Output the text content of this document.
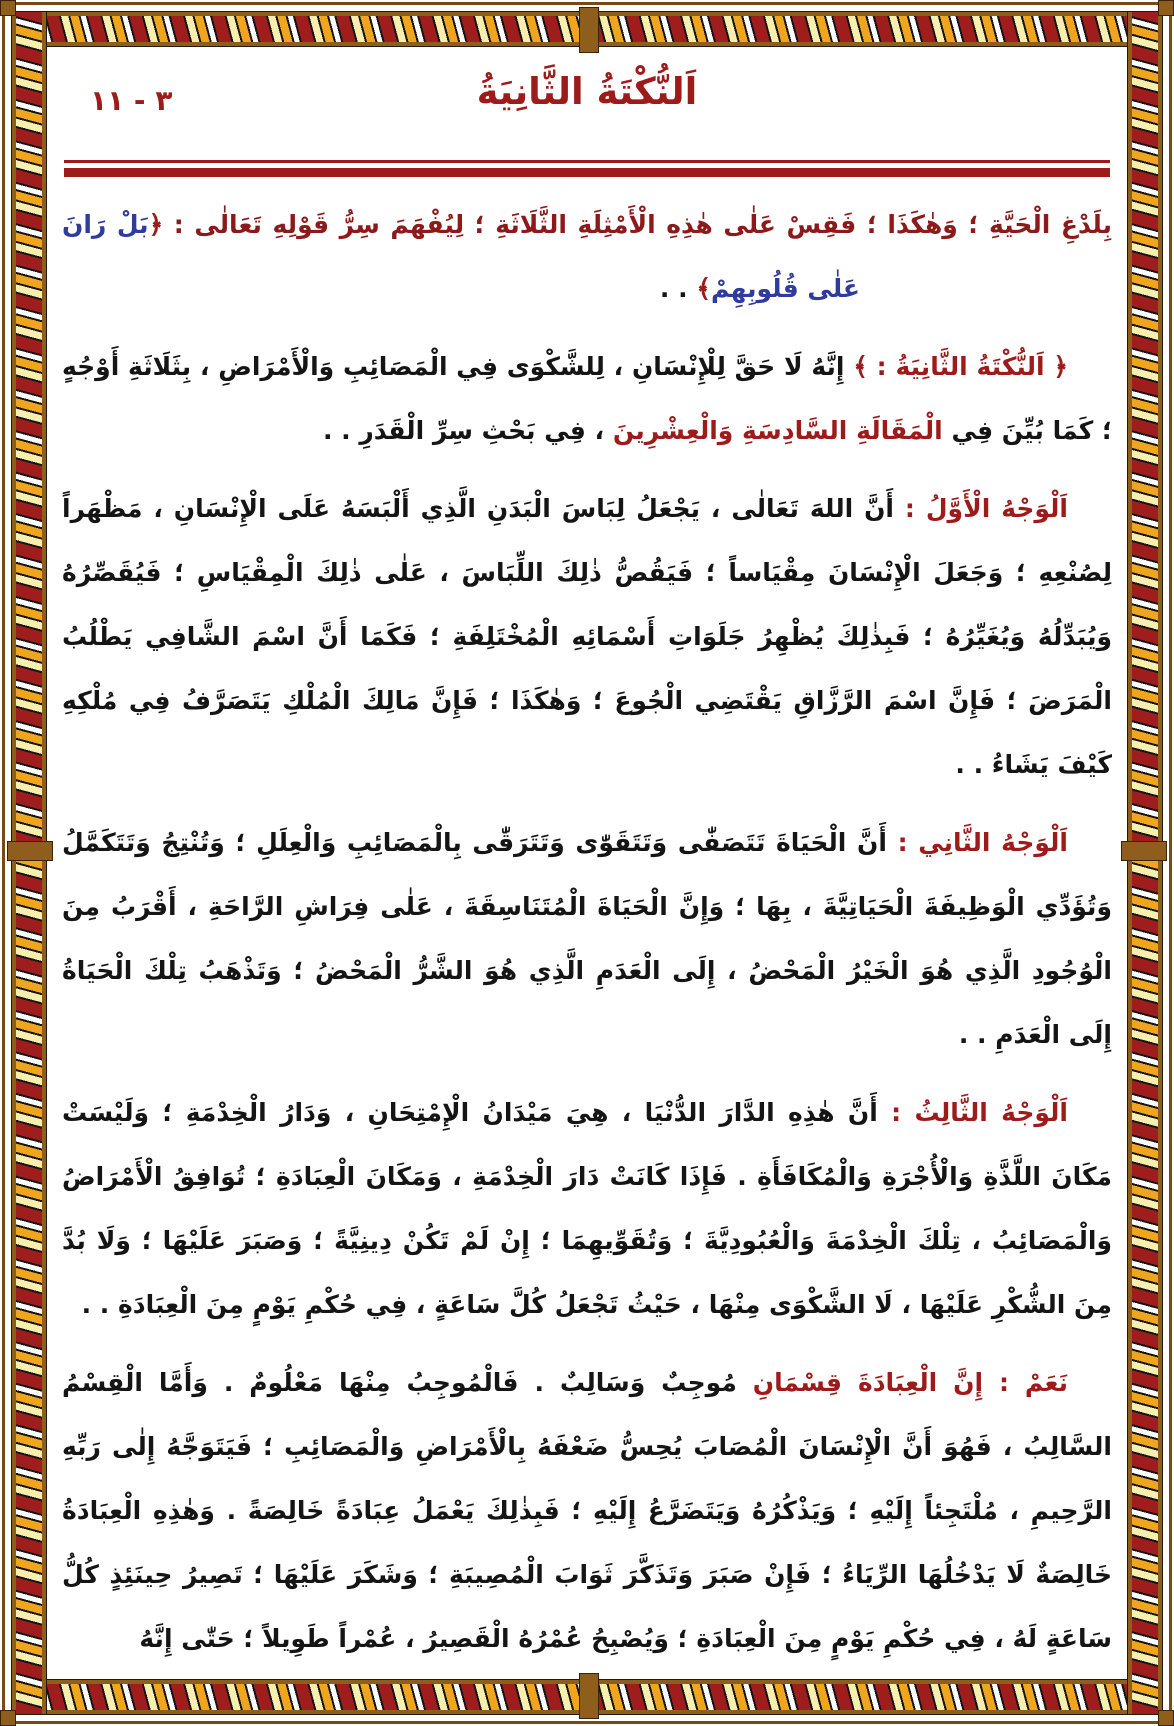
٣ - ١١	اَلنُّكْتَةُ الثَّانِيَةُ
بِلَدْغِ الْحَيَّةِ ؛ وَهٰكَذَا ؛ فَقِسْ عَلٰى هٰذِهِ الْأَمْثِلَةِ الثَّلَاثَةِ ؛ لِيُفْهَمَ سِرُّ قَوْلِهِ تَعَالٰى : ﴿بَلْ رَانَ
عَلٰى قُلُوبِهِمْ﴾ . .

﴿ اَلنُّكْتَةُ الثَّانِيَةُ : ﴾ إِنَّهُ لَا حَقَّ لِلْإِنْسَانِ ، لِلشَّكْوَى فِي الْمَصَائِبِ وَالْأَمْرَاضِ ، بِثَلَاثَةِ أَوْجُهٍ ؛ كَمَا بُيِّنَ فِي الْمَقَالَةِ السَّادِسَةِ وَالْعِشْرِينَ ، فِي بَحْثِ سِرِّ الْقَدَرِ . .

اَلْوَجْهُ الْأَوَّلُ : أَنَّ اللهَ تَعَالٰى ، يَجْعَلُ لِبَاسَ الْبَدَنِ الَّذِي أَلْبَسَهُ عَلَى الْإِنْسَانِ ، مَظْهَراً لِصُنْعِهِ ؛ وَجَعَلَ الْإِنْسَانَ مِقْيَاساً ؛ فَيَقُصُّ ذٰلِكَ اللِّبَاسَ ، عَلٰى ذٰلِكَ الْمِقْيَاسِ ؛ فَيُقَصِّرُهُ وَيُبَدِّلُهُ وَيُغَيِّرُهُ ؛ فَبِذٰلِكَ يُظْهِرُ جَلَوَاتِ أَسْمَائِهِ الْمُخْتَلِفَةِ ؛ فَكَمَا أَنَّ اسْمَ الشَّافِي يَطْلُبُ الْمَرَضَ ؛ فَإِنَّ اسْمَ الرَّزَّاقِ يَقْتَضِي الْجُوعَ ؛ وَهٰكَذَا ؛ فَإِنَّ مَالِكَ الْمُلْكِ يَتَصَرَّفُ فِي مُلْكِهِ كَيْفَ يَشَاءُ . .

اَلْوَجْهُ الثَّانِي : أَنَّ الْحَيَاةَ تَتَصَفّٰى وَتَتَقَوّٰى وَتَتَرَقّٰى بِالْمَصَائِبِ وَالْعِلَلِ ؛ وَتُنْتِجُ وَتَتَكَمَّلُ وَتُؤَدِّي الْوَظِيفَةَ الْحَيَاتِيَّةَ ، بِهَا ؛ وَإِنَّ الْحَيَاةَ الْمُتَنَاسِقَةَ ، عَلٰى فِرَاشِ الرَّاحَةِ ، أَقْرَبُ مِنَ الْوُجُودِ الَّذِي هُوَ الْخَيْرُ الْمَحْضُ ، إِلَى الْعَدَمِ الَّذِي هُوَ الشَّرُّ الْمَحْضُ ؛ وَتَذْهَبُ تِلْكَ الْحَيَاةُ إِلَى الْعَدَمِ . .

اَلْوَجْهُ الثَّالِثُ : أَنَّ هٰذِهِ الدَّارَ الدُّنْيَا ، هِيَ مَيْدَانُ الْإِمْتِحَانِ ، وَدَارُ الْخِدْمَةِ ؛ وَلَيْسَتْ مَكَانَ اللَّذَّةِ وَالْأُجْرَةِ وَالْمُكَافَأَةِ . فَإِذَا كَانَتْ دَارَ الْخِدْمَةِ ، وَمَكَانَ الْعِبَادَةِ ؛ تُوَافِقُ الْأَمْرَاضُ وَالْمَصَائِبُ ، تِلْكَ الْخِدْمَةَ وَالْعُبُودِيَّةَ ؛ وَتُقَوِّيهِمَا ؛ إِنْ لَمْ تَكُنْ دِينِيَّةً ؛ وَصَبَرَ عَلَيْهَا ؛ وَلَا بُدَّ مِنَ الشُّكْرِ عَلَيْهَا ، لَا الشَّكْوَى مِنْهَا ، حَيْثُ تَجْعَلُ كُلَّ سَاعَةٍ ، فِي حُكْمِ يَوْمٍ مِنَ الْعِبَادَةِ . .

نَعَمْ : إِنَّ الْعِبَادَةَ قِسْمَانِ مُوجِبٌ وَسَالِبٌ . فَالْمُوجِبُ مِنْهَا مَعْلُومٌ . وَأَمَّا الْقِسْمُ السَّالِبُ ، فَهُوَ أَنَّ الْإِنْسَانَ الْمُصَابَ يُحِسُّ ضَعْفَهُ بِالْأَمْرَاضِ وَالْمَصَائِبِ ؛ فَيَتَوَجَّهُ إِلٰى رَبِّهِ الرَّحِيمِ ، مُلْتَجِئاً إِلَيْهِ ؛ وَيَذْكُرُهُ وَيَتَضَرَّعُ إِلَيْهِ ؛ فَبِذٰلِكَ يَعْمَلُ عِبَادَةً خَالِصَةً . وَهٰذِهِ الْعِبَادَةُ خَالِصَةٌ لَا يَدْخُلُهَا الرِّيَاءُ ؛ فَإِنْ صَبَرَ وَتَذَكَّرَ ثَوَابَ الْمُصِيبَةِ ؛ وَشَكَرَ عَلَيْهَا ؛ تَصِيرُ حِينَئِذٍ كُلُّ سَاعَةٍ لَهُ ، فِي حُكْمِ يَوْمٍ مِنَ الْعِبَادَةِ ؛ وَيُصْبِحُ عُمْرُهُ الْقَصِيرُ ، عُمْراً طَوِيلاً ؛ حَتّٰى إِنَّهُ
